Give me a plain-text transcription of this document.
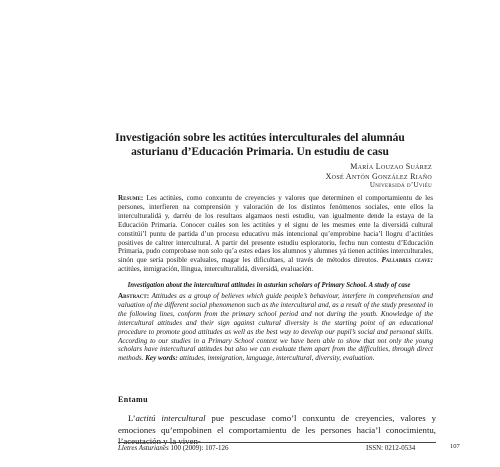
Investigación sobre les actitúes interculturales del alumnáu
asturianu d’Educación Primaria. Un estudiu de casu
María Louzao Suárez
Xosé Antón González Riaño
Universidá d’Uviéu
Resume: Les actitúes, como conxuntu de creyencies y valores que determinen el comportamientu de les persones, interfieren na comprensión y valoración de los distintos fenómenos sociales, ente ellos la interculturalidá y, darréu de los resultaos algamaos nesti estudiu, van igualmente dende la estaya de la Educación Primaria. Conocer cuáles son les actitúes y el signu de les mesmes ente la diversidá cultural constitúi’l puntu de partida d’un procesu educativu más intencional qu’emprobine hacia’l llogru d’actitúes positives de caltrer intercultural. A partir del presente estudiu esploratoriu, fechu nun contestu d’Educación Primaria, pudo comprobase non solo qu’a estes edaes los alumnos y alumnes yá tienen actitúes interculturales, sinón que sería posible evaluales, magar les dificultaes, al través de métodos direutos. Pallabres clave: actitúes, inmigración, llingua, interculturalidá, diversidá, evaluación.
Investigation about the intercultural attitudes in asturian scholars of Primary School. A study of case
Abstract: Attitudes as a group of believes which guide people’s behaviour, interfere in comprehension and valuation of the different social phenomenon such as the intercultural and, as a result of the study presented in the following lines, conform from the primary school period and not during the youth. Knowledge of the intercultural attitudes and their sign against cultural diversity is the starting point of an educational procedure to promote good attitudes as well as the best way to develop our pupil’s social and personal skills. According to our studies in a Primary School context we have been able to show that not only the young scholars have intercultural attitudes but also we can evaluate them apart from the difficulties, through direct methods. Key words: attitudes, immigration, language, intercultural, diversity, evaluation.
Entamu
L’actitú intercultural pue pescudase como’l conxuntu de creyencies, valores y emociones qu’empobinen el comportamientu de les persones hacia’l conocimientu, l’aceutación y la viven-
Lletres Asturianes 100 (2009): 107-126	ISSN: 0212-0534	107
